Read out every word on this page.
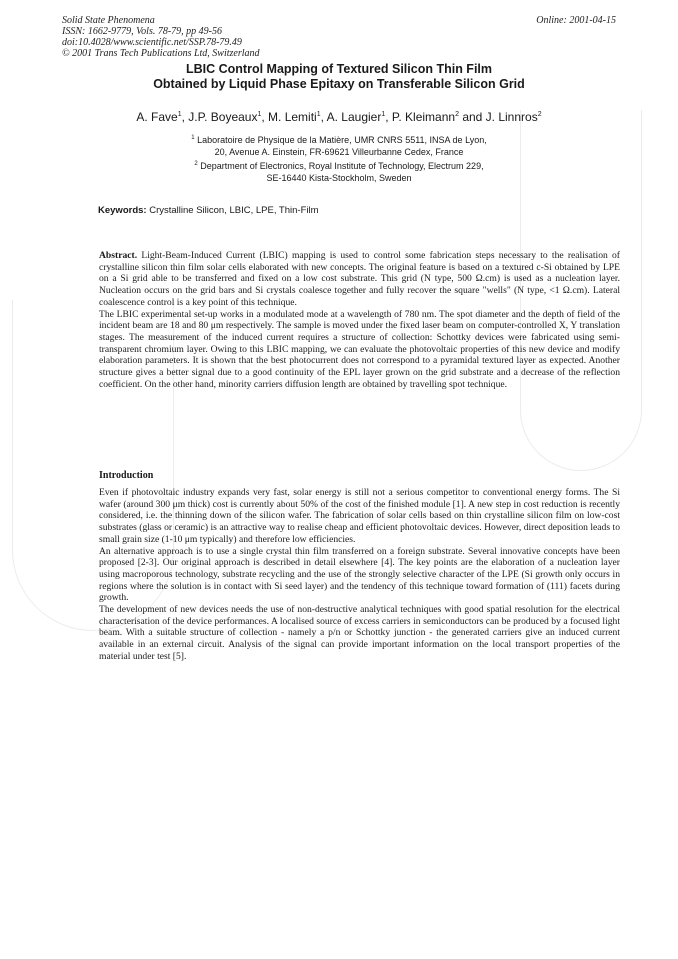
Solid State Phenomena
ISSN: 1662-9779, Vols. 78-79, pp 49-56
doi:10.4028/www.scientific.net/SSP.78-79.49
© 2001 Trans Tech Publications Ltd, Switzerland
Online: 2001-04-15
LBIC Control Mapping of Textured Silicon Thin Film
Obtained by Liquid Phase Epitaxy on Transferable Silicon Grid
A. Fave$^1$, J.P. Boyeaux$^1$, M. Lemiti$^1$, A. Laugier$^1$, P. Kleimann$^2$ and J. Linnros$^2$
$^1$ Laboratoire de Physique de la Matière, UMR CNRS 5511, INSA de Lyon,
20, Avenue A. Einstein, FR-69621 Villeurbanne Cedex, France
$^2$ Department of Electronics, Royal Institute of Technology, Electrum 229,
SE-16440 Kista-Stockholm, Sweden
Keywords: Crystalline Silicon, LBIC, LPE, Thin-Film

Abstract. Light-Beam-Induced Current (LBIC) mapping is used to control some fabrication steps necessary to the realisation of crystalline silicon thin film solar cells elaborated with new concepts. The original feature is based on a textured c-Si obtained by LPE on a Si grid able to be transferred and fixed on a low cost substrate. This grid (N type, 500 Ω.cm) is used as a nucleation layer. Nucleation occurs on the grid bars and Si crystals coalesce together and fully recover the square "wells" (N type, <1 Ω.cm). Lateral coalescence control is a key point of this technique.

The LBIC experimental set-up works in a modulated mode at a wavelength of 780 nm. The spot diameter and the depth of field of the incident beam are 18 and 80 μm respectively. The sample is moved under the fixed laser beam on computer-controlled X, Y translation stages. The measurement of the induced current requires a structure of collection: Schottky devices were fabricated using semi-transparent chromium layer. Owing to this LBIC mapping, we can evaluate the photovoltaic properties of this new device and modify elaboration parameters. It is shown that the best photocurrent does not correspond to a pyramidal textured layer as expected. Another structure gives a better signal due to a good continuity of the EPL layer grown on the grid substrate and a decrease of the reflection coefficient. On the other hand, minority carriers diffusion length are obtained by travelling spot technique.

Introduction

Even if photovoltaic industry expands very fast, solar energy is still not a serious competitor to conventional energy forms. The Si wafer (around 300 μm thick) cost is currently about 50% of the cost of the finished module [1]. A new step in cost reduction is recently considered, i.e. the thinning down of the silicon wafer. The fabrication of solar cells based on thin crystalline silicon film on low-cost substrates (glass or ceramic) is an attractive way to realise cheap and efficient photovoltaic devices. However, direct deposition leads to small grain size (1-10 μm typically) and therefore low efficiencies.

An alternative approach is to use a single crystal thin film transferred on a foreign substrate. Several innovative concepts have been proposed [2-3]. Our original approach is described in detail elsewhere [4]. The key points are the elaboration of a nucleation layer using macroporous technology, substrate recycling and the use of the strongly selective character of the LPE (Si growth only occurs in regions where the solution is in contact with Si seed layer) and the tendency of this technique toward formation of (111) facets during growth.

The development of new devices needs the use of non-destructive analytical techniques with good spatial resolution for the electrical characterisation of the device performances. A localised source of excess carriers in semiconductors can be produced by a focused light beam. With a suitable structure of collection - namely a p/n or Schottky junction - the generated carriers give an induced current available in an external circuit. Analysis of the signal can provide important information on the local transport properties of the material under test [5].
